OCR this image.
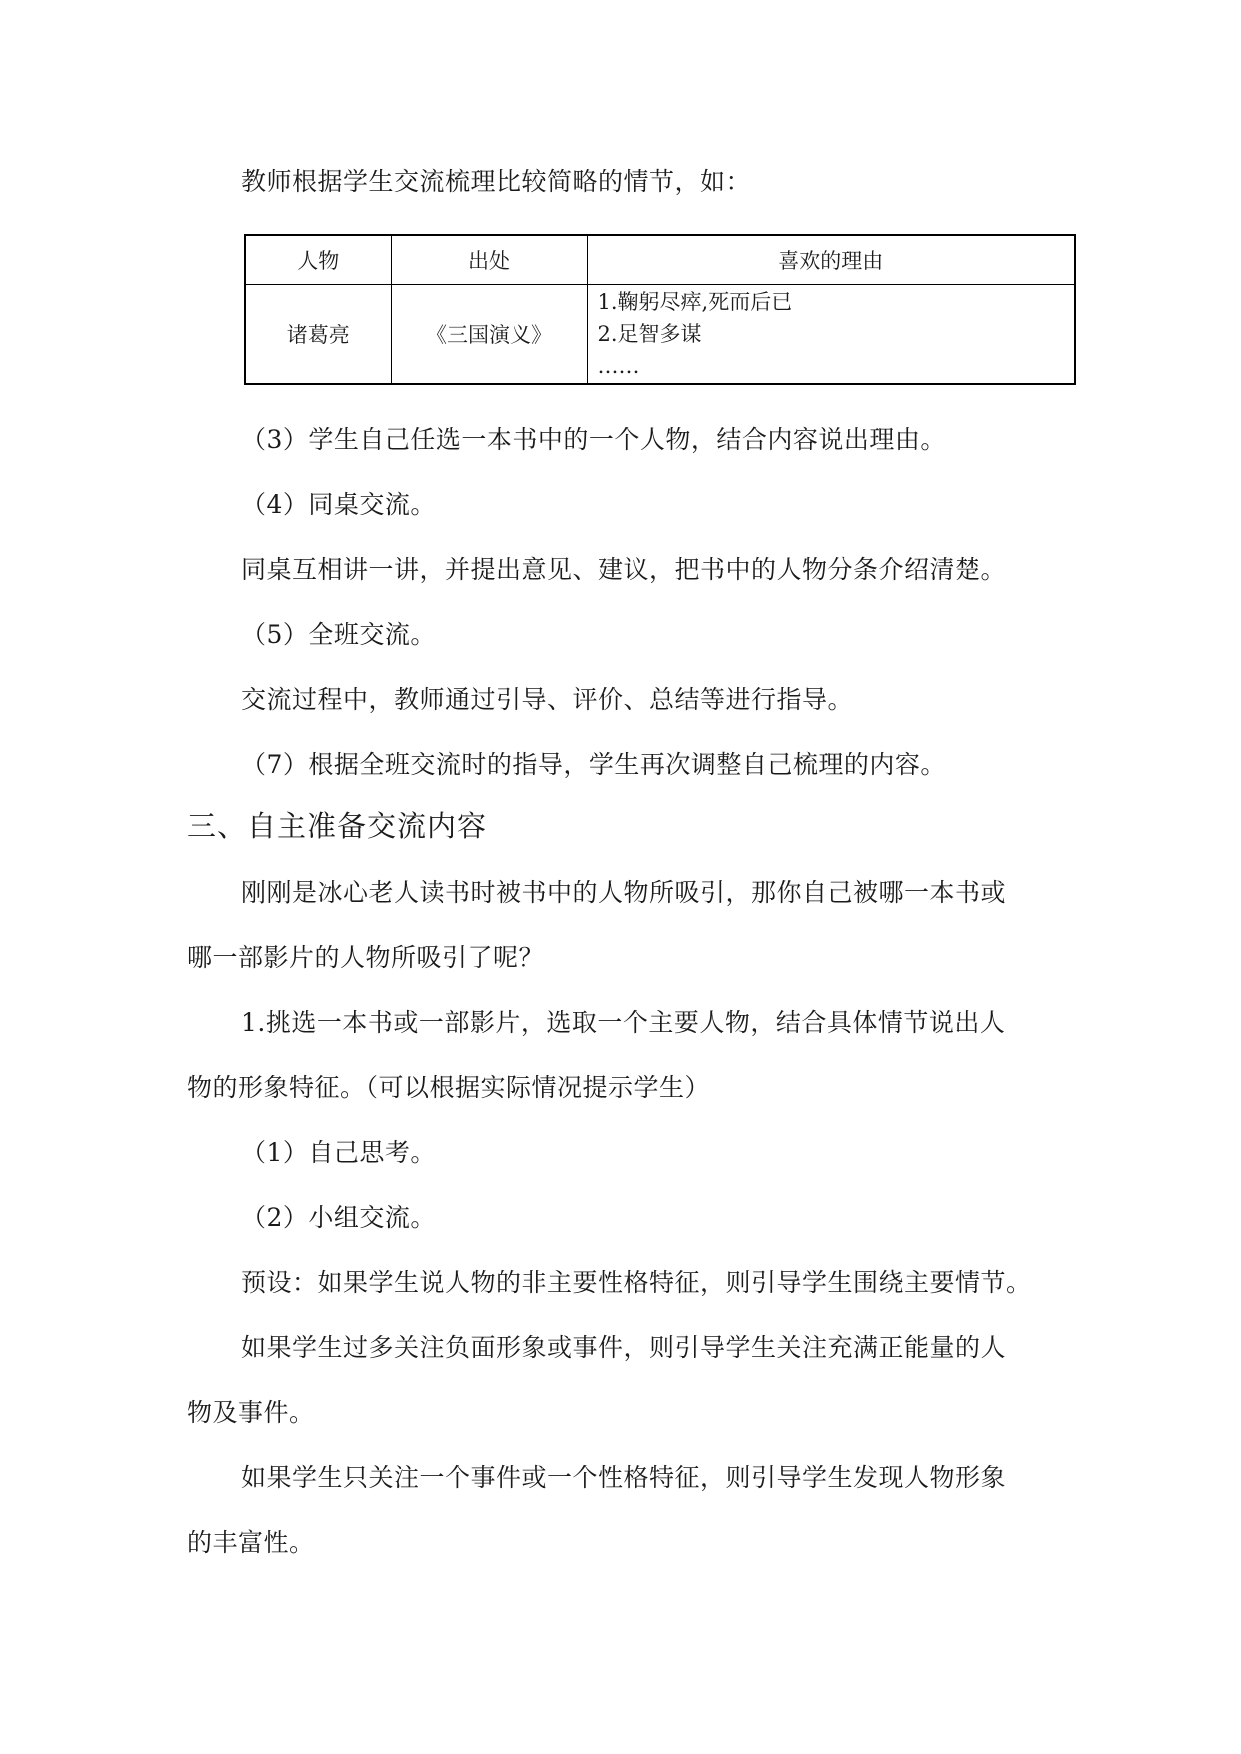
教师根据学生交流梳理比较简略的情节，如：

人物	出处	喜欢的理由
诸葛亮	《三国演义》	1.鞠躬尽瘁,死而后已
2.足智多谋
……

（3）学生自己任选一本书中的一个人物，结合内容说出理由。

（4）同桌交流。

同桌互相讲一讲，并提出意见、建议，把书中的人物分条介绍清楚。

（5）全班交流。

交流过程中，教师通过引导、评价、总结等进行指导。

（7）根据全班交流时的指导，学生再次调整自己梳理的内容。

三、自主准备交流内容

刚刚是冰心老人读书时被书中的人物所吸引，那你自己被哪一本书或

哪一部影片的人物所吸引了呢？

1.挑选一本书或一部影片，选取一个主要人物，结合具体情节说出人

物的形象特征。（可以根据实际情况提示学生）

（1）自己思考。

（2）小组交流。

预设：如果学生说人物的非主要性格特征，则引导学生围绕主要情节。

如果学生过多关注负面形象或事件，则引导学生关注充满正能量的人

物及事件。

如果学生只关注一个事件或一个性格特征，则引导学生发现人物形象

的丰富性。
